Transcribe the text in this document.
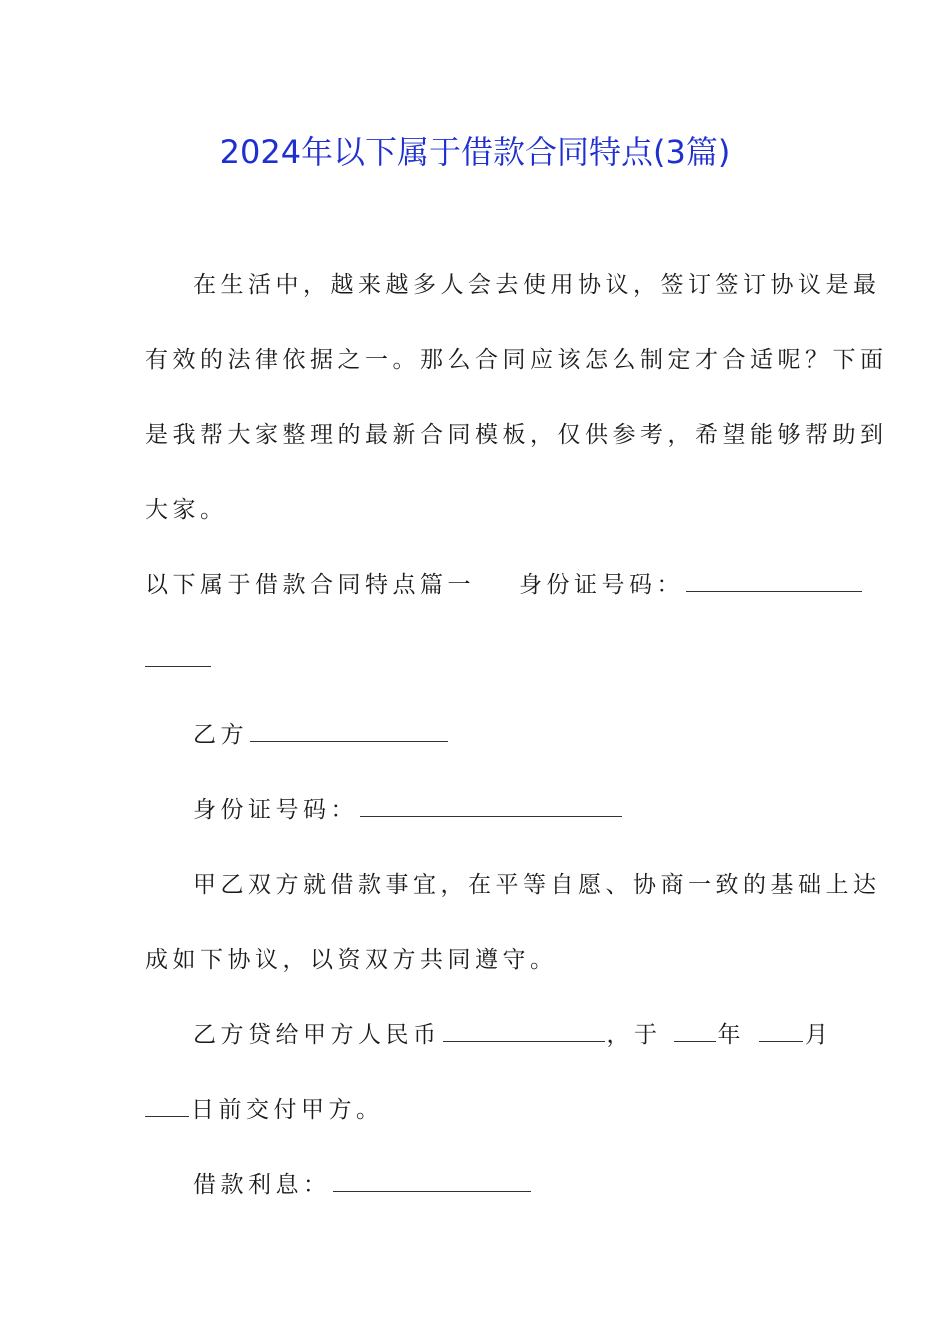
2024年以下属于借款合同特点(3篇)
在生活中，越来越多人会去使用协议，签订签订协议是最
有效的法律依据之一。那么合同应该怎么制定才合适呢？下面
是我帮大家整理的最新合同模板，仅供参考，希望能够帮助到
大家。
以下属于借款合同特点篇一 身份证号码：
乙方
身份证号码：
甲乙双方就借款事宜，在平等自愿、协商一致的基础上达
成如下协议，以资双方共同遵守。
乙方贷给甲方人民币	，于 年	月
日前交付甲方。
借款利息：
